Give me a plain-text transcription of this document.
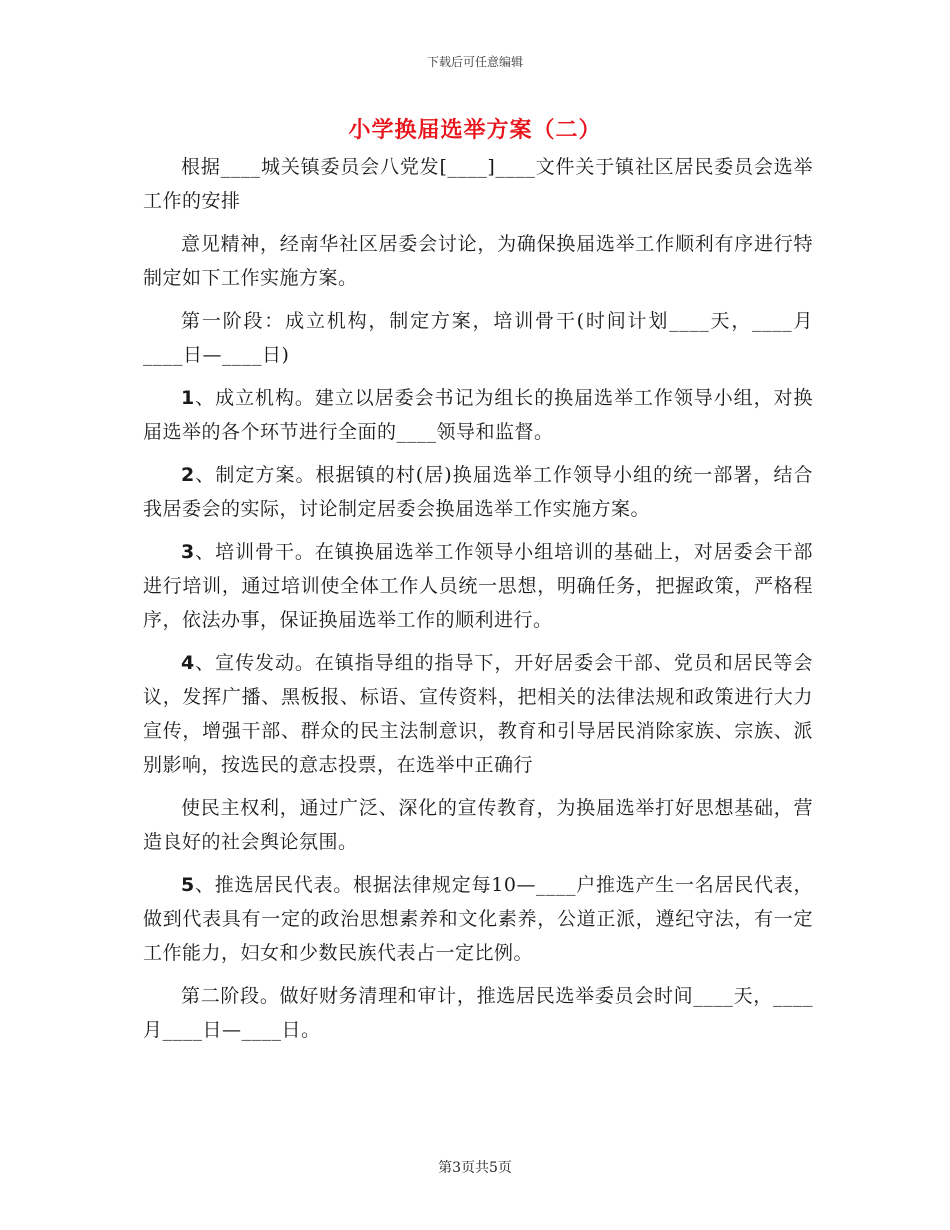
下载后可任意编辑
小学换届选举方案（二）

根据____城关镇委员会八党发[____]____文件关于镇社区居民委员会选举工作的安排

意见精神，经南华社区居委会讨论，为确保换届选举工作顺利有序进行特制定如下工作实施方案。

第一阶段：成立机构，制定方案，培训骨干(时间计划____天，____月____日—____日)

1、成立机构。建立以居委会书记为组长的换届选举工作领导小组，对换届选举的各个环节进行全面的____领导和监督。

2、制定方案。根据镇的村(居)换届选举工作领导小组的统一部署，结合我居委会的实际，讨论制定居委会换届选举工作实施方案。

3、培训骨干。在镇换届选举工作领导小组培训的基础上，对居委会干部进行培训，通过培训使全体工作人员统一思想，明确任务，把握政策，严格程序，依法办事，保证换届选举工作的顺利进行。

4、宣传发动。在镇指导组的指导下，开好居委会干部、党员和居民等会议，发挥广播、黑板报、标语、宣传资料，把相关的法律法规和政策进行大力宣传，增强干部、群众的民主法制意识，教育和引导居民消除家族、宗族、派别影响，按选民的意志投票，在选举中正确行

使民主权利，通过广泛、深化的宣传教育，为换届选举打好思想基础，营造良好的社会舆论氛围。

5、推选居民代表。根据法律规定每10—____户推选产生一名居民代表，做到代表具有一定的政治思想素养和文化素养，公道正派，遵纪守法，有一定工作能力，妇女和少数民族代表占一定比例。

第二阶段。做好财务清理和审计，推选居民选举委员会时间____天，____月____日—____日。

第3页共5页
